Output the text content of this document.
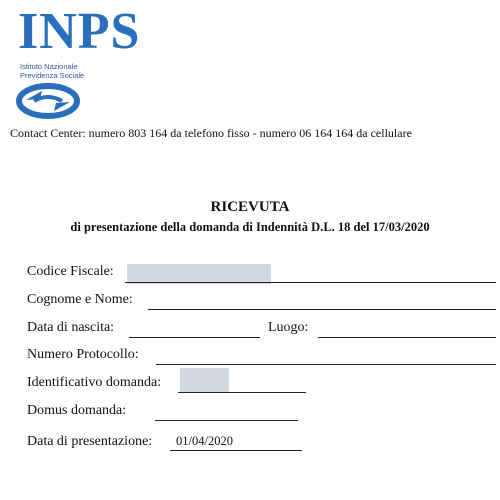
INPS
Istituto Nazionale
Previdenza Sociale
Contact Center: numero 803 164 da telefono fisso - numero 06 164 164 da cellulare
RICEVUTA
di presentazione della domanda di Indennità D.L. 18 del 17/03/2020
Codice Fiscale:
Cognome e Nome:
Data di nascita:	Luogo:
Numero Protocollo:
Identificativo domanda:
Domus domanda:
Data di presentazione: 01/04/2020
